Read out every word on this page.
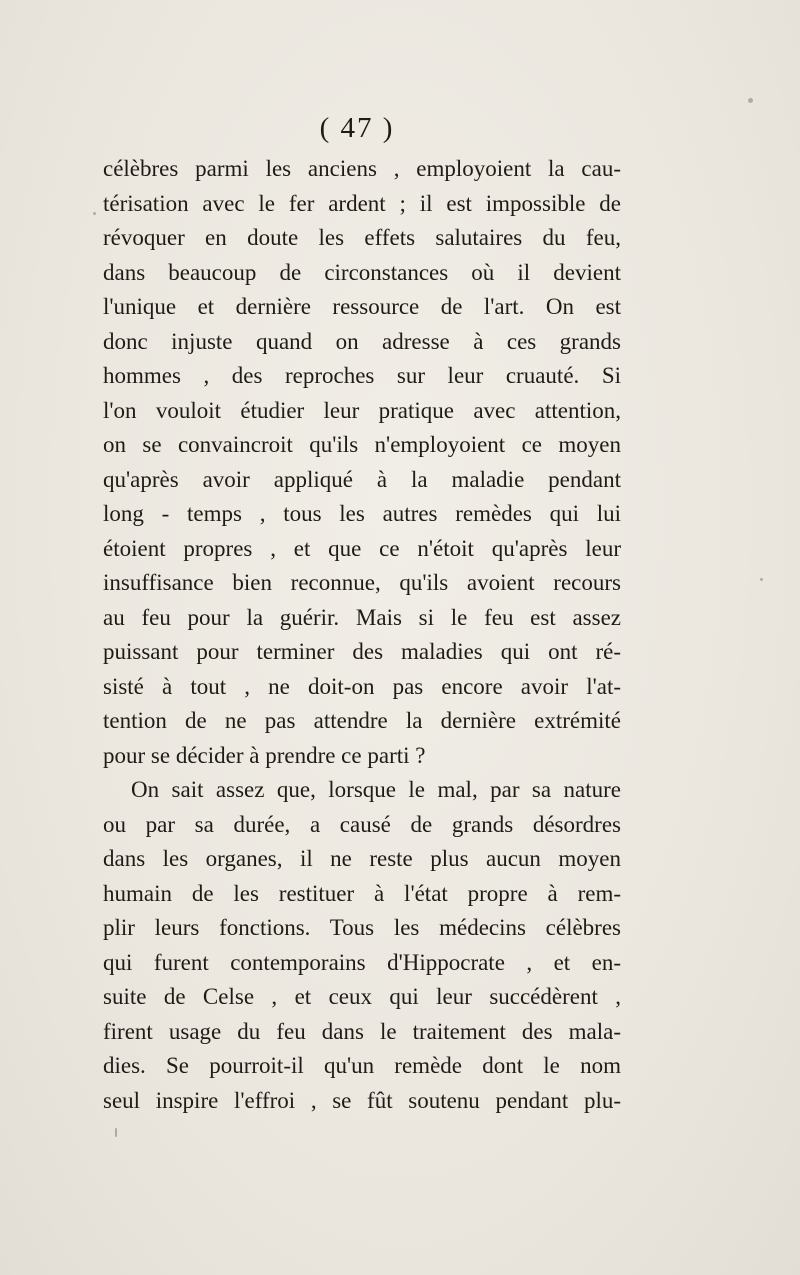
( 47 )
célèbres parmi les anciens , employoient la cau-
térisation avec le fer ardent ; il est impossible de
révoquer en doute les effets salutaires du feu,
dans beaucoup de circonstances où il devient
l'unique et dernière ressource de l'art. On est
donc injuste quand on adresse à ces grands
hommes , des reproches sur leur cruauté. Si
l'on vouloit étudier leur pratique avec attention,
on se convaincroit qu'ils n'employoient ce moyen
qu'après avoir appliqué à la maladie pendant
long - temps , tous les autres remèdes qui lui
étoient propres , et que ce n'étoit qu'après leur
insuffisance bien reconnue, qu'ils avoient recours
au feu pour la guérir. Mais si le feu est assez
puissant pour terminer des maladies qui ont ré-
sisté à tout , ne doit-on pas encore avoir l'at-
tention de ne pas attendre la dernière extrémité
pour se décider à prendre ce parti ?
On sait assez que, lorsque le mal, par sa nature
ou par sa durée, a causé de grands désordres
dans les organes, il ne reste plus aucun moyen
humain de les restituer à l'état propre à rem-
plir leurs fonctions. Tous les médecins célèbres
qui furent contemporains d'Hippocrate , et en-
suite de Celse , et ceux qui leur succédèrent ,
firent usage du feu dans le traitement des mala-
dies. Se pourroit-il qu'un remède dont le nom
seul inspire l'effroi , se fût soutenu pendant plu-
